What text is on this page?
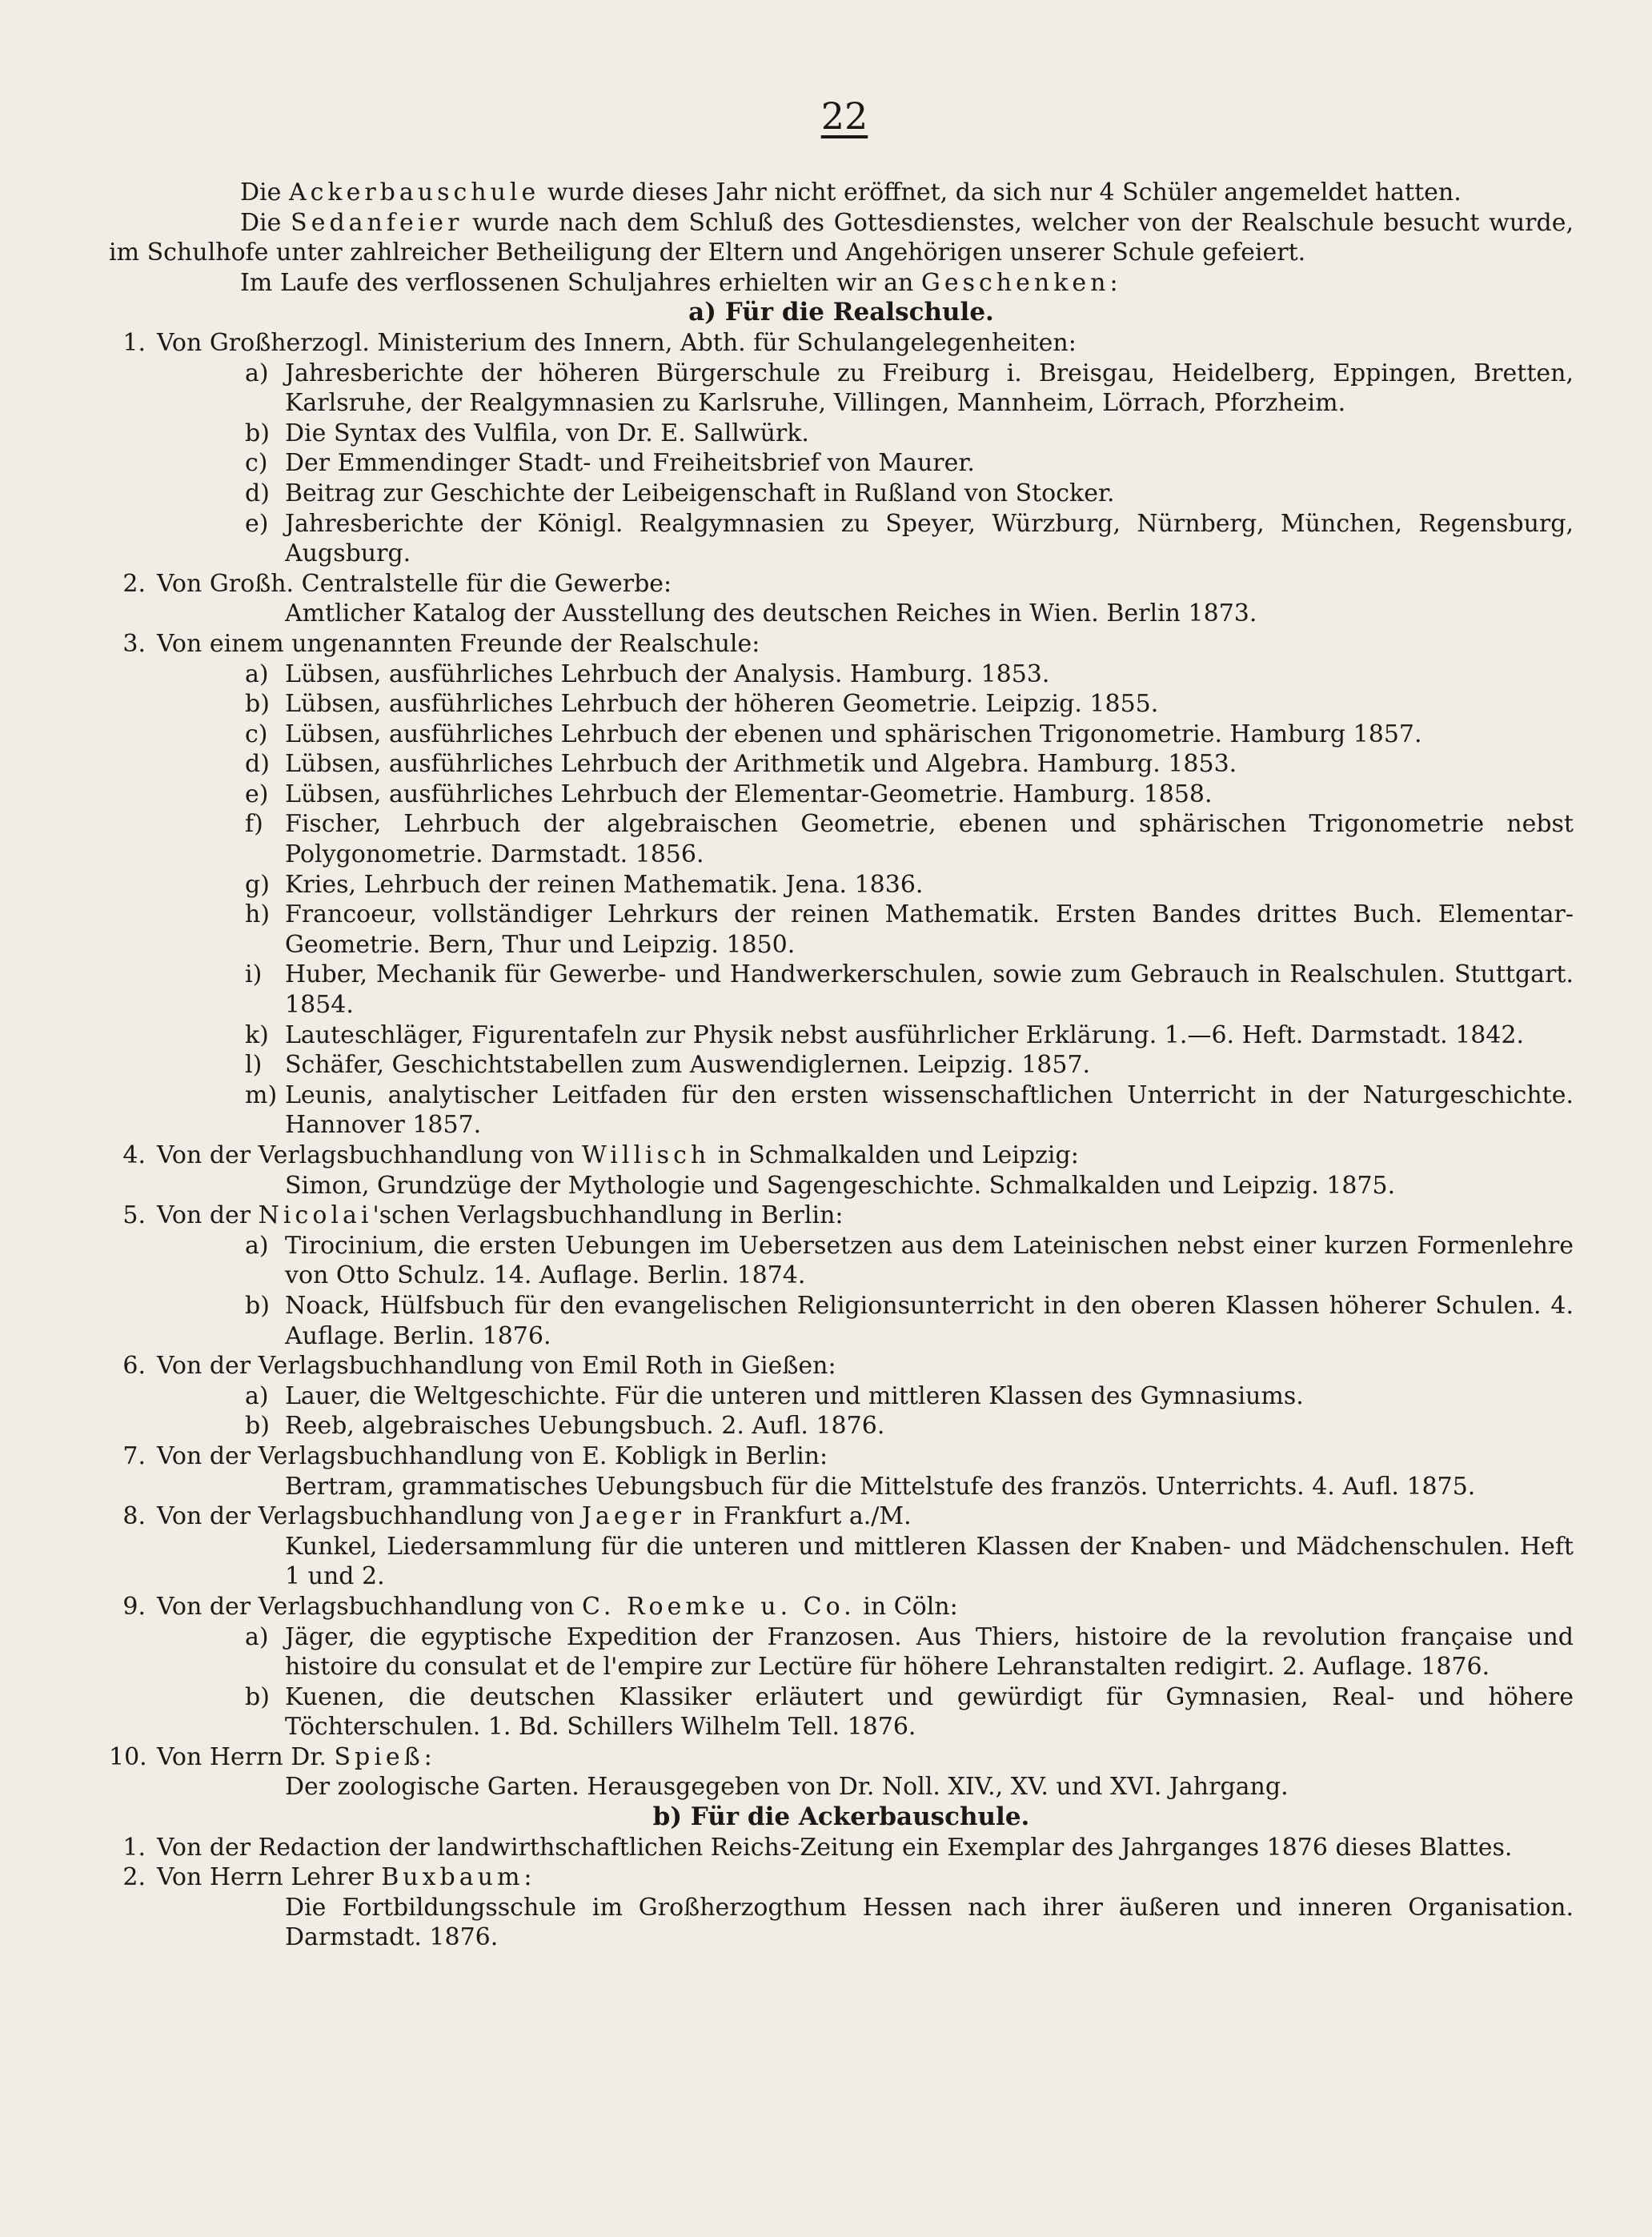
22

Die Ackerbauschule wurde dieses Jahr nicht eröffnet, da sich nur 4 Schüler angemeldet hatten.

Die Sedanfeier wurde nach dem Schluß des Gottesdienstes, welcher von der Realschule besucht wurde, im Schulhofe unter zahlreicher Betheiligung der Eltern und Angehörigen unserer Schule gefeiert.

Im Laufe des verflossenen Schuljahres erhielten wir an Geschenken:

a) Für die Realschule.

1. Von Großherzogl. Ministerium des Innern, Abth. für Schulangelegenheiten:
a) Jahresberichte der höheren Bürgerschule zu Freiburg i. Breisgau, Heidelberg, Eppingen, Bretten, Karlsruhe, der Realgymnasien zu Karlsruhe, Villingen, Mannheim, Lörrach, Pforzheim.
b) Die Syntax des Vulfila, von Dr. E. Sallwürk.
c) Der Emmendinger Stadt- und Freiheitsbrief von Maurer.
d) Beitrag zur Geschichte der Leibeigenschaft in Rußland von Stocker.
e) Jahresberichte der Königl. Realgymnasien zu Speyer, Würzburg, Nürnberg, München, Regensburg, Augsburg.
2. Von Großh. Centralstelle für die Gewerbe:
Amtlicher Katalog der Ausstellung des deutschen Reiches in Wien. Berlin 1873.
3. Von einem ungenannten Freunde der Realschule:
a) Lübsen, ausführliches Lehrbuch der Analysis. Hamburg. 1853.
b) Lübsen, ausführliches Lehrbuch der höheren Geometrie. Leipzig. 1855.
c) Lübsen, ausführliches Lehrbuch der ebenen und sphärischen Trigonometrie. Hamburg 1857.
d) Lübsen, ausführliches Lehrbuch der Arithmetik und Algebra. Hamburg. 1853.
e) Lübsen, ausführliches Lehrbuch der Elementar-Geometrie. Hamburg. 1858.
f) Fischer, Lehrbuch der algebraischen Geometrie, ebenen und sphärischen Trigonometrie nebst Polygonometrie. Darmstadt. 1856.
g) Kries, Lehrbuch der reinen Mathematik. Jena. 1836.
h) Francoeur, vollständiger Lehrkurs der reinen Mathematik. Ersten Bandes drittes Buch. Elementar-Geometrie. Bern, Thur und Leipzig. 1850.
i) Huber, Mechanik für Gewerbe- und Handwerkerschulen, sowie zum Gebrauch in Realschulen. Stuttgart. 1854.
k) Lauteschläger, Figurentafeln zur Physik nebst ausführlicher Erklärung. 1.—6. Heft. Darmstadt. 1842.
l) Schäfer, Geschichtstabellen zum Auswendiglernen. Leipzig. 1857.
m) Leunis, analytischer Leitfaden für den ersten wissenschaftlichen Unterricht in der Naturgeschichte. Hannover 1857.
4. Von der Verlagsbuchhandlung von Willisch in Schmalkalden und Leipzig:
Simon, Grundzüge der Mythologie und Sagengeschichte. Schmalkalden und Leipzig. 1875.
5. Von der Nicolai'schen Verlagsbuchhandlung in Berlin:
a) Tirocinium, die ersten Uebungen im Uebersetzen aus dem Lateinischen nebst einer kurzen Formenlehre von Otto Schulz. 14. Auflage. Berlin. 1874.
b) Noack, Hülfsbuch für den evangelischen Religionsunterricht in den oberen Klassen höherer Schulen. 4. Auflage. Berlin. 1876.
6. Von der Verlagsbuchhandlung von Emil Roth in Gießen:
a) Lauer, die Weltgeschichte. Für die unteren und mittleren Klassen des Gymnasiums.
b) Reeb, algebraisches Uebungsbuch. 2. Aufl. 1876.
7. Von der Verlagsbuchhandlung von E. Kobligk in Berlin:
Bertram, grammatisches Uebungsbuch für die Mittelstufe des französ. Unterrichts. 4. Aufl. 1875.
8. Von der Verlagsbuchhandlung von Jaeger in Frankfurt a./M.
Kunkel, Liedersammlung für die unteren und mittleren Klassen der Knaben- und Mädchenschulen. Heft 1 und 2.
9. Von der Verlagsbuchhandlung von C. Roemke u. Co. in Cöln:
a) Jäger, die egyptische Expedition der Franzosen. Aus Thiers, histoire de la revolution française und histoire du consulat et de l'empire zur Lectüre für höhere Lehranstalten redigirt. 2. Auflage. 1876.
b) Kuenen, die deutschen Klassiker erläutert und gewürdigt für Gymnasien, Real- und höhere Töchterschulen. 1. Bd. Schillers Wilhelm Tell. 1876.
10. Von Herrn Dr. Spieß:
Der zoologische Garten. Herausgegeben von Dr. Noll. XIV., XV. und XVI. Jahrgang.

b) Für die Ackerbauschule.

1. Von der Redaction der landwirthschaftlichen Reichs-Zeitung ein Exemplar des Jahrganges 1876 dieses Blattes.
2. Von Herrn Lehrer Buxbaum:
Die Fortbildungsschule im Großherzogthum Hessen nach ihrer äußeren und inneren Organisation. Darmstadt. 1876.
